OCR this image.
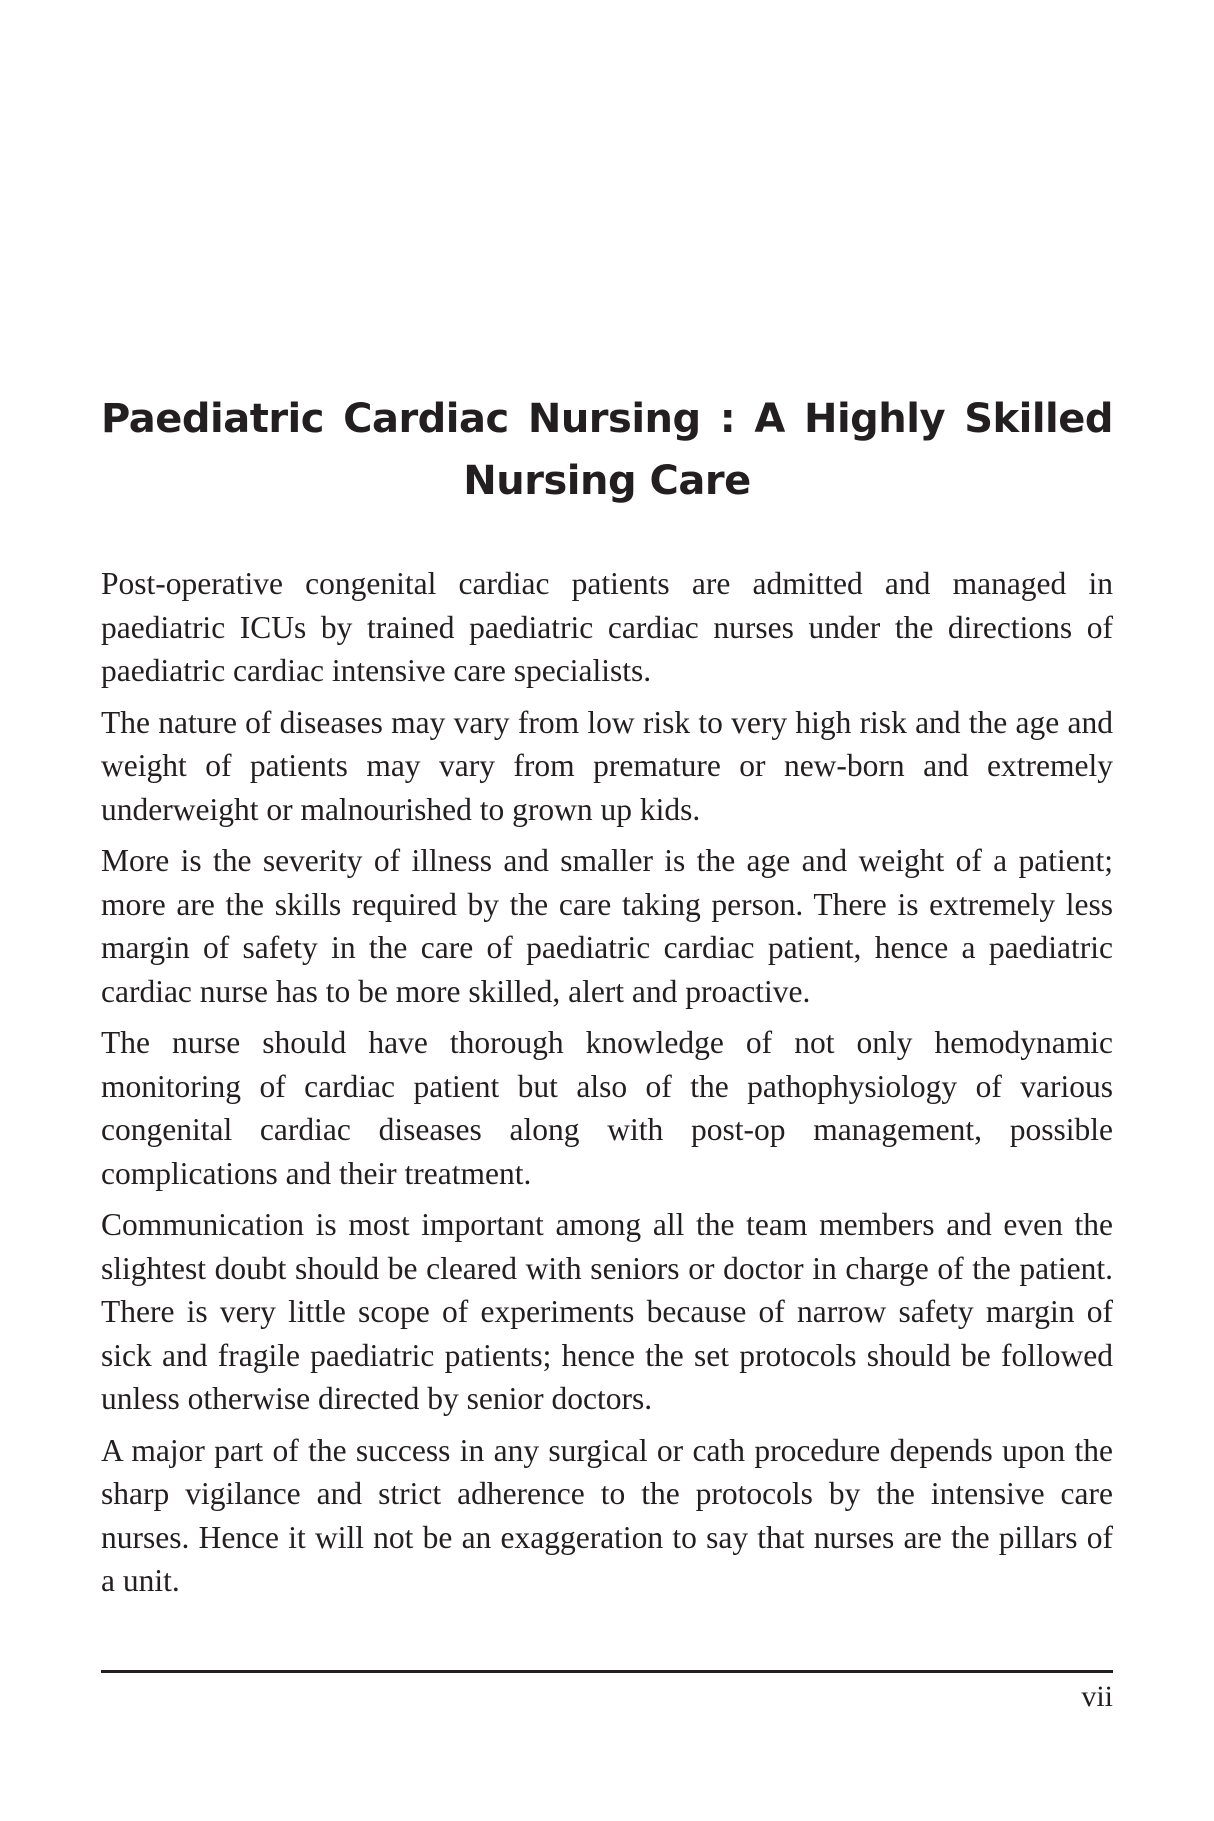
Paediatric Cardiac Nursing : A Highly Skilled
Nursing Care

Post-operative congenital cardiac patients are admitted and managed in paediatric ICUs by trained paediatric cardiac nurses under the directions of paediatric cardiac intensive care specialists.

The nature of diseases may vary from low risk to very high risk and the age and weight of patients may vary from premature or new-born and extremely underweight or malnourished to grown up kids.

More is the severity of illness and smaller is the age and weight of a patient; more are the skills required by the care taking person. There is extremely less margin of safety in the care of paediatric cardiac patient, hence a paediatric cardiac nurse has to be more skilled, alert and proactive.

The nurse should have thorough knowledge of not only hemodynamic monitoring of cardiac patient but also of the pathophysiology of various congenital cardiac diseases along with post-op management, possible complications and their treatment.

Communication is most important among all the team members and even the slightest doubt should be cleared with seniors or doctor in charge of the patient. There is very little scope of experiments because of narrow safety margin of sick and fragile paediatric patients; hence the set protocols should be followed unless otherwise directed by senior doctors.

A major part of the success in any surgical or cath procedure depends upon the sharp vigilance and strict adherence to the protocols by the intensive care nurses. Hence it will not be an exaggeration to say that nurses are the pillars of a unit.

vii
